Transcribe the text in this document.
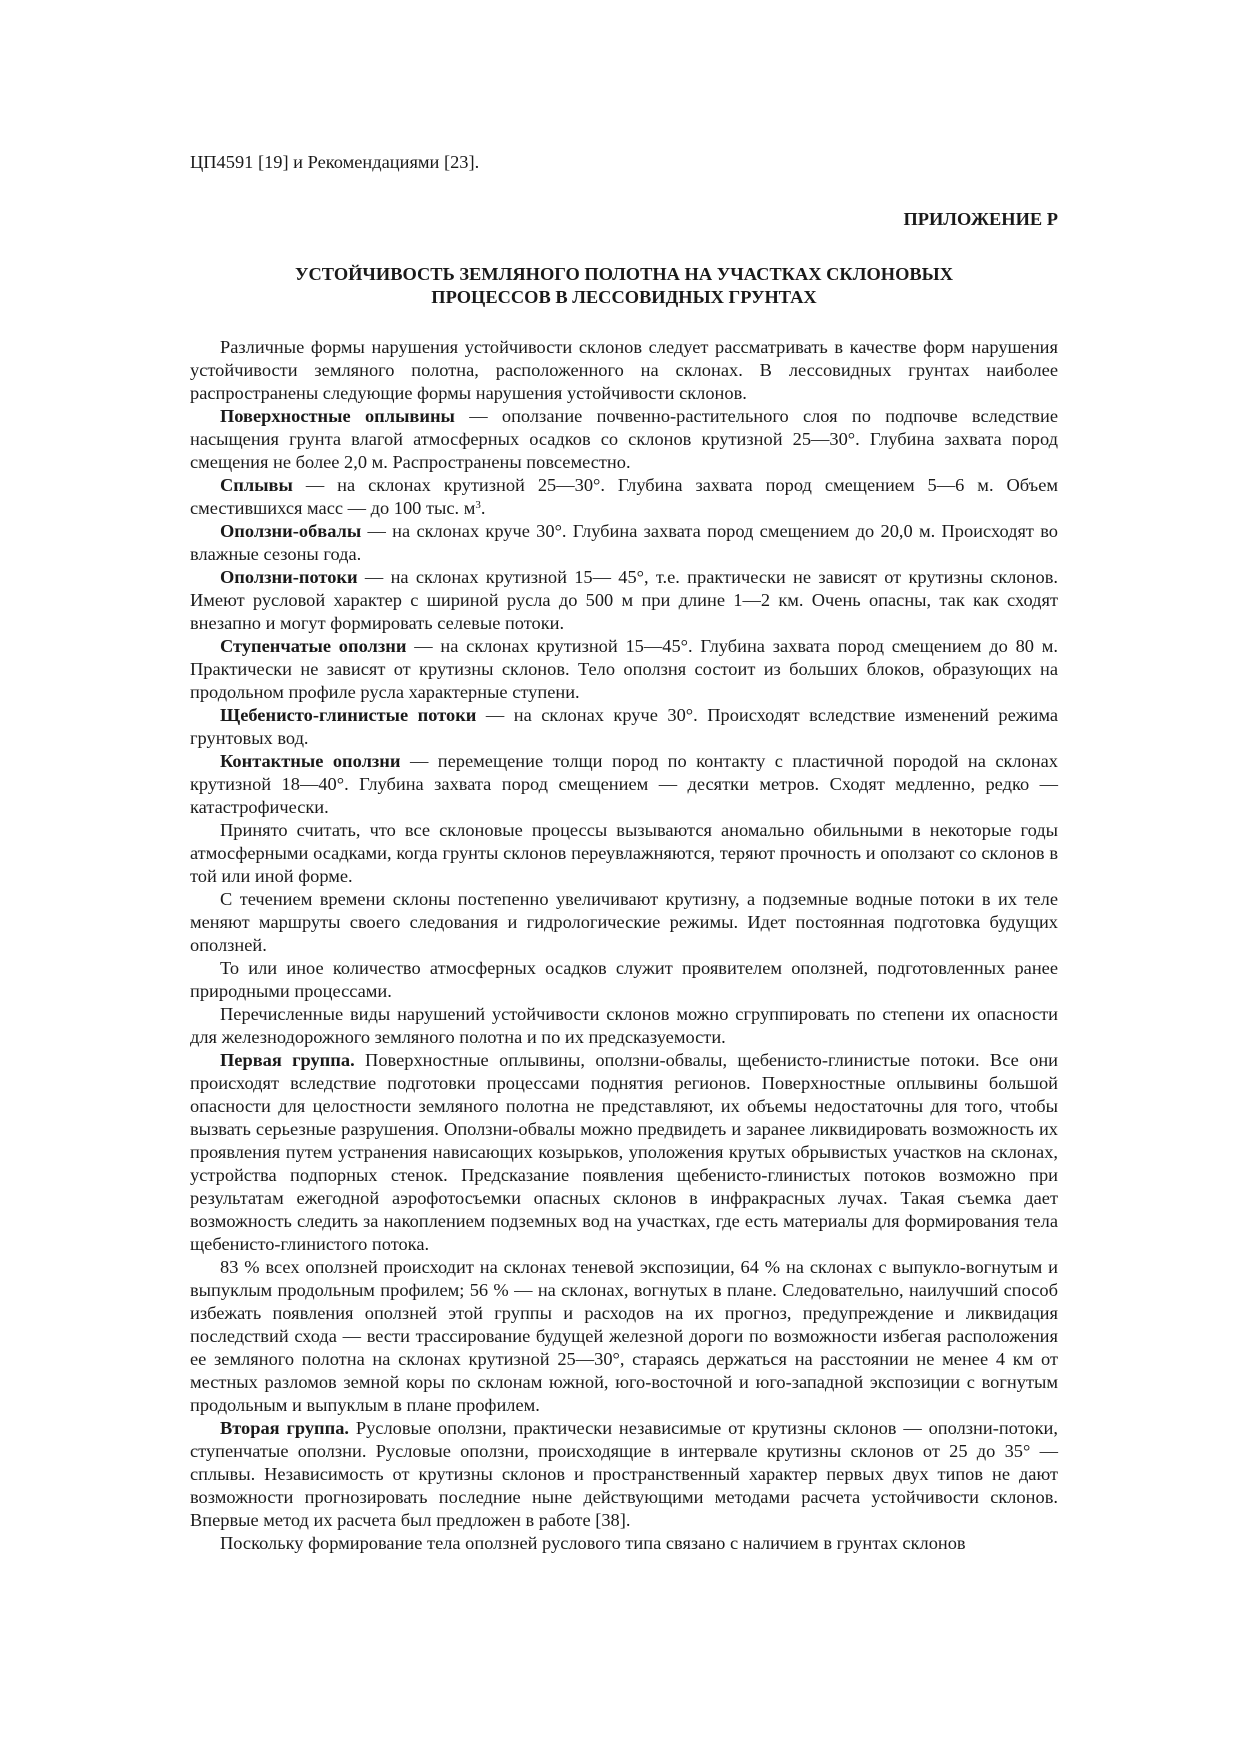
ЦП4591 [19] и Рекомендациями [23].

ПРИЛОЖЕНИЕ Р

УСТОЙЧИВОСТЬ ЗЕМЛЯНОГО ПОЛОТНА НА УЧАСТКАХ СКЛОНОВЫХ
ПРОЦЕССОВ В ЛЕССОВИДНЫХ ГРУНТАХ

Различные формы нарушения устойчивости склонов следует рассматривать в качестве форм нарушения устойчивости земляного полотна, расположенного на склонах. В лессовидных грунтах наиболее распространены следующие формы нарушения устойчивости склонов.

Поверхностные оплывины — оползание почвенно-растительного слоя по подпочве вследствие насыщения грунта влагой атмосферных осадков со склонов крутизной 25—30°. Глубина захвата пород смещения не более 2,0 м. Распространены повсеместно.

Сплывы — на склонах крутизной 25—30°. Глубина захвата пород смещением 5—6 м. Объем сместившихся масс — до 100 тыс. $м^3$.

Оползни-обвалы — на склонах круче 30°. Глубина захвата пород смещением до 20,0 м. Происходят во влажные сезоны года.

Оползни-потоки — на склонах крутизной 15— 45°, т.е. практически не зависят от крутизны склонов. Имеют русловой характер с шириной русла до 500 м при длине 1—2 км. Очень опасны, так как сходят внезапно и могут формировать селевые потоки.

Ступенчатые оползни — на склонах крутизной 15—45°. Глубина захвата пород смещением до 80 м. Практически не зависят от крутизны склонов. Тело оползня состоит из больших блоков, образующих на продольном профиле русла характерные ступени.

Щебенисто-глинистые потоки — на склонах круче 30°. Происходят вследствие изменений режима грунтовых вод.

Контактные оползни — перемещение толщи пород по контакту с пластичной породой на склонах крутизной 18—40°. Глубина захвата пород смещением — десятки метров. Сходят медленно, редко — катастрофически.

Принято считать, что все склоновые процессы вызываются аномально обильными в некоторые годы атмосферными осадками, когда грунты склонов переувлажняются, теряют прочность и оползают со склонов в той или иной форме.

С течением времени склоны постепенно увеличивают крутизну, а подземные водные потоки в их теле меняют маршруты своего следования и гидрологические режимы. Идет постоянная подготовка будущих оползней.

То или иное количество атмосферных осадков служит проявителем оползней, подготовленных ранее природными процессами.

Перечисленные виды нарушений устойчивости склонов можно сгруппировать по степени их опасности для железнодорожного земляного полотна и по их предсказуемости.

Первая группа. Поверхностные оплывины, оползни-обвалы, щебенисто-глинистые потоки. Все они происходят вследствие подготовки процессами поднятия регионов. Поверхностные оплывины большой опасности для целостности земляного полотна не представляют, их объемы недостаточны для того, чтобы вызвать серьезные разрушения. Оползни-обвалы можно предвидеть и заранее ликвидировать возможность их проявления путем устранения нависающих козырьков, уположения крутых обрывистых участков на склонах, устройства подпорных стенок. Предсказание появления щебенисто-глинистых потоков возможно при результатам ежегодной аэрофотосъемки опасных склонов в инфракрасных лучах. Такая съемка дает возможность следить за накоплением подземных вод на участках, где есть материалы для формирования тела щебенисто-глинистого потока.

83 % всех оползней происходит на склонах теневой экспозиции, 64 % на склонах с выпукло-вогнутым и выпуклым продольным профилем; 56 % — на склонах, вогнутых в плане. Следовательно, наилучший способ избежать появления оползней этой группы и расходов на их прогноз, предупреждение и ликвидация последствий схода — вести трассирование будущей железной дороги по возможности избегая расположения ее земляного полотна на склонах крутизной 25—30°, стараясь держаться на расстоянии не менее 4 км от местных разломов земной коры по склонам южной, юго-восточной и юго-западной экспозиции с вогнутым продольным и выпуклым в плане профилем.

Вторая группа. Русловые оползни, практически независимые от крутизны склонов — оползни-потоки, ступенчатые оползни. Русловые оползни, происходящие в интервале крутизны склонов от 25 до 35° — сплывы. Независимость от крутизны склонов и пространственный характер первых двух типов не дают возможности прогнозировать последние ныне действующими методами расчета устойчивости склонов. Впервые метод их расчета был предложен в работе [38].

Поскольку формирование тела оползней руслового типа связано с наличием в грунтах склонов
